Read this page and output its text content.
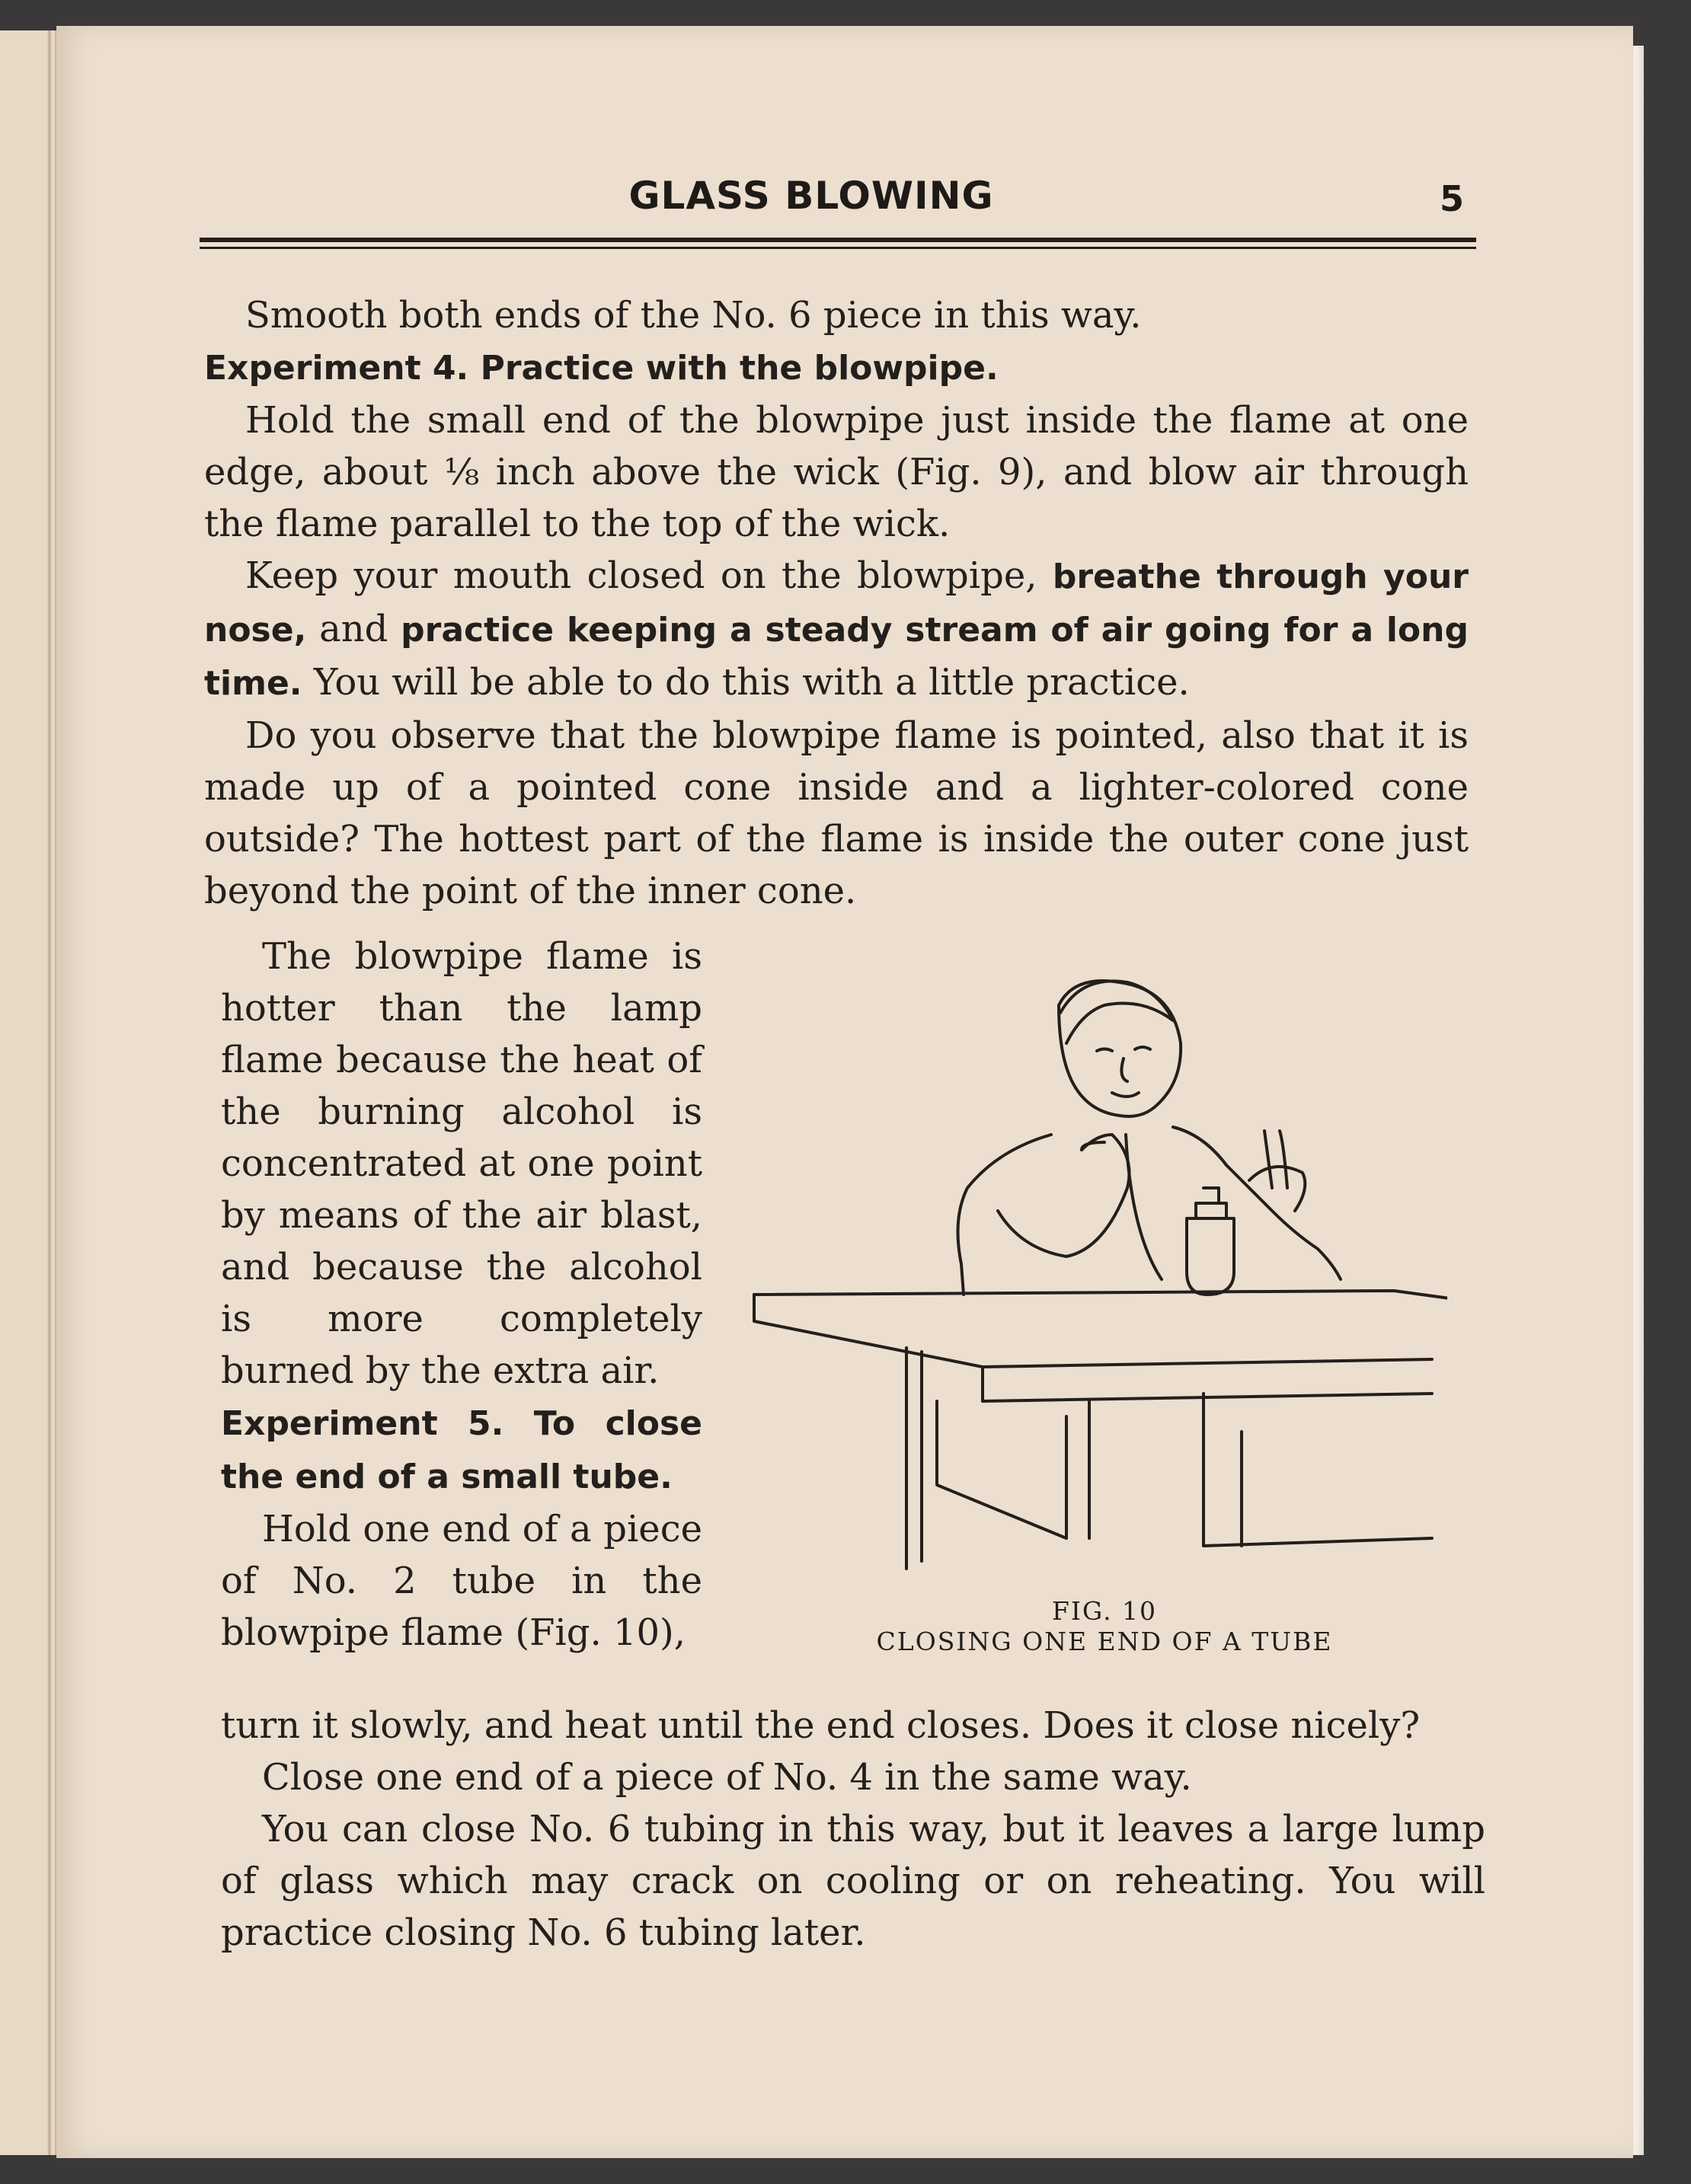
GLASS BLOWING	5

Smooth both ends of the No. 6 piece in this way.

Experiment 4. Practice with the blowpipe.

Hold the small end of the blowpipe just inside the flame at one edge, about ⅛ inch above the wick (Fig. 9), and blow air through the flame parallel to the top of the wick.

Keep your mouth closed on the blowpipe, breathe through your nose, and practice keeping a steady stream of air going for a long time. You will be able to do this with a little practice.

Do you observe that the blowpipe flame is pointed, also that it is made up of a pointed cone inside and a lighter-colored cone outside? The hottest part of the flame is inside the outer cone just beyond the point of the inner cone.

The blowpipe flame is hotter than the lamp flame because the heat of the burning alcohol is concentrated at one point by means of the air blast, and because the alcohol is more completely burned by the extra air.

Experiment 5. To close the end of a small tube.

Hold one end of a piece of No. 2 tube in the blowpipe flame (Fig. 10),

FIG. 10
CLOSING ONE END OF A TUBE

turn it slowly, and heat until the end closes. Does it close nicely?

Close one end of a piece of No. 4 in the same way.

You can close No. 6 tubing in this way, but it leaves a large lump of glass which may crack on cooling or on reheating. You will practice closing No. 6 tubing later.
